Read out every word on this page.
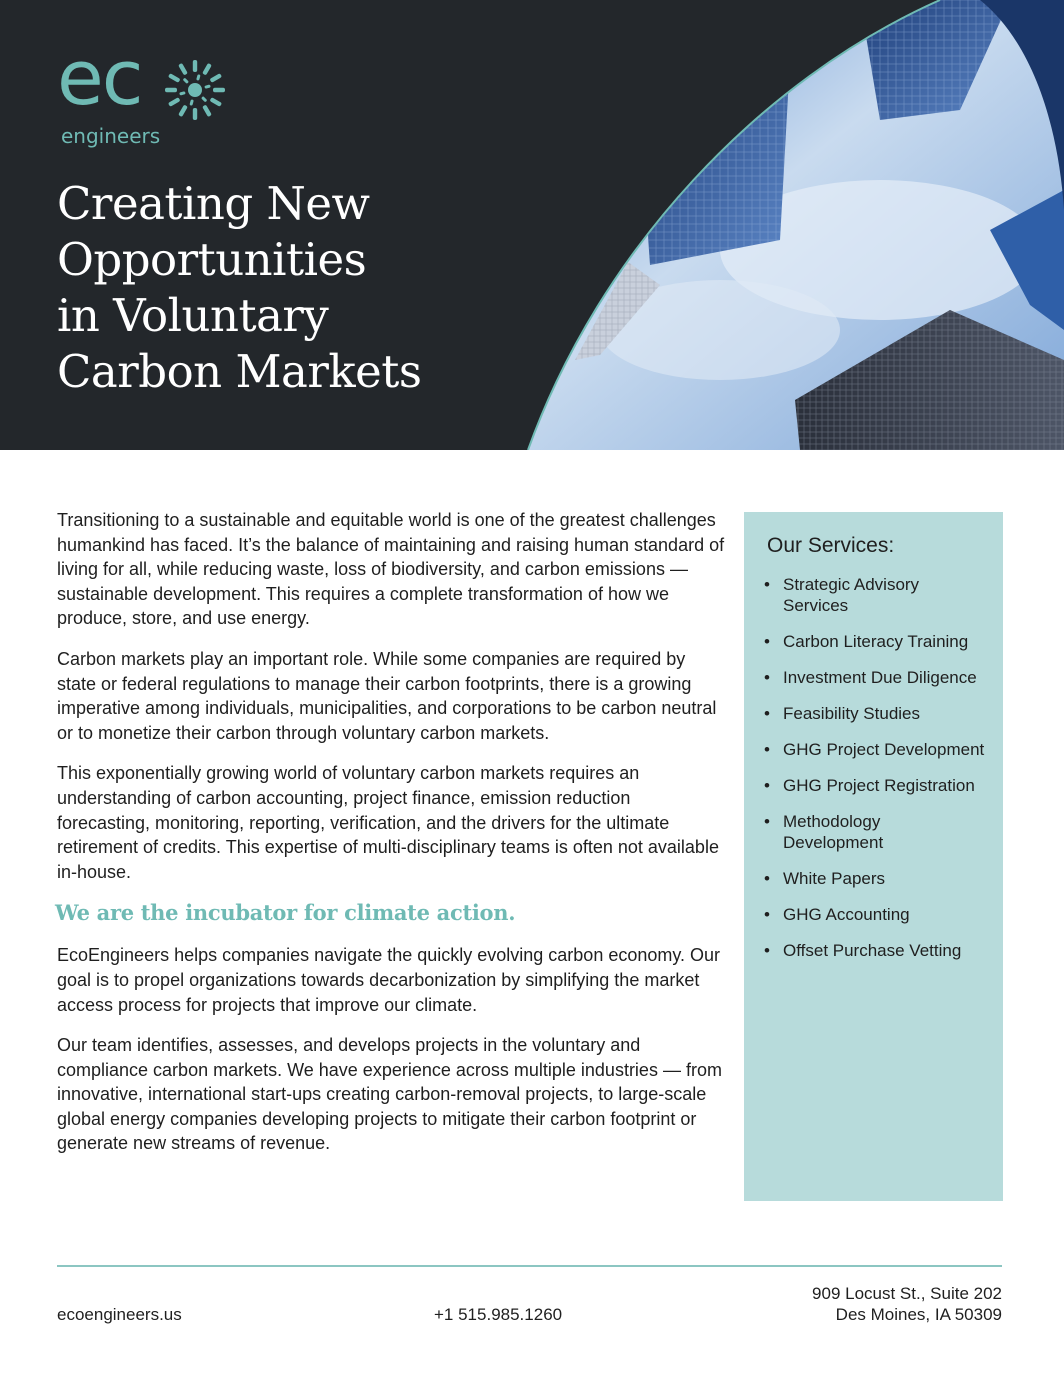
ec
engineers
Creating New
Opportunities
in Voluntary
Carbon Markets

Transitioning to a sustainable and equitable world is one of the greatest challenges humankind has faced. It’s the balance of maintaining and raising human standard of living for all, while reducing waste, loss of biodiversity, and carbon emissions — sustainable development. This requires a complete transformation of how we produce, store, and use energy.

Carbon markets play an important role. While some companies are required by state or federal regulations to manage their carbon footprints, there is a growing imperative among individuals, municipalities, and corporations to be carbon neutral or to monetize their carbon through voluntary carbon markets.

This exponentially growing world of voluntary carbon markets requires an understanding of carbon accounting, project finance, emission reduction forecasting, monitoring, reporting, verification, and the drivers for the ultimate retirement of credits. This expertise of multi-disciplinary teams is often not available in-house.

We are the incubator for climate action.

EcoEngineers helps companies navigate the quickly evolving carbon economy. Our goal is to propel organizations towards decarbonization by simplifying the market access process for projects that improve our climate.

Our team identifies, assesses, and develops projects in the voluntary and compliance carbon markets. We have experience across multiple industries — from innovative, international start-ups creating carbon-removal projects, to large-scale global energy companies developing projects to mitigate their carbon footprint or generate new streams of revenue.

Our Services:
• Strategic Advisory Services
• Carbon Literacy Training
• Investment Due Diligence
• Feasibility Studies
• GHG Project Development
• GHG Project Registration
• Methodology Development
• White Papers
• GHG Accounting
• Offset Purchase Vetting
ecoengineers.us	+1 515.985.1260
909 Locust St., Suite 202
Des Moines, IA 50309
